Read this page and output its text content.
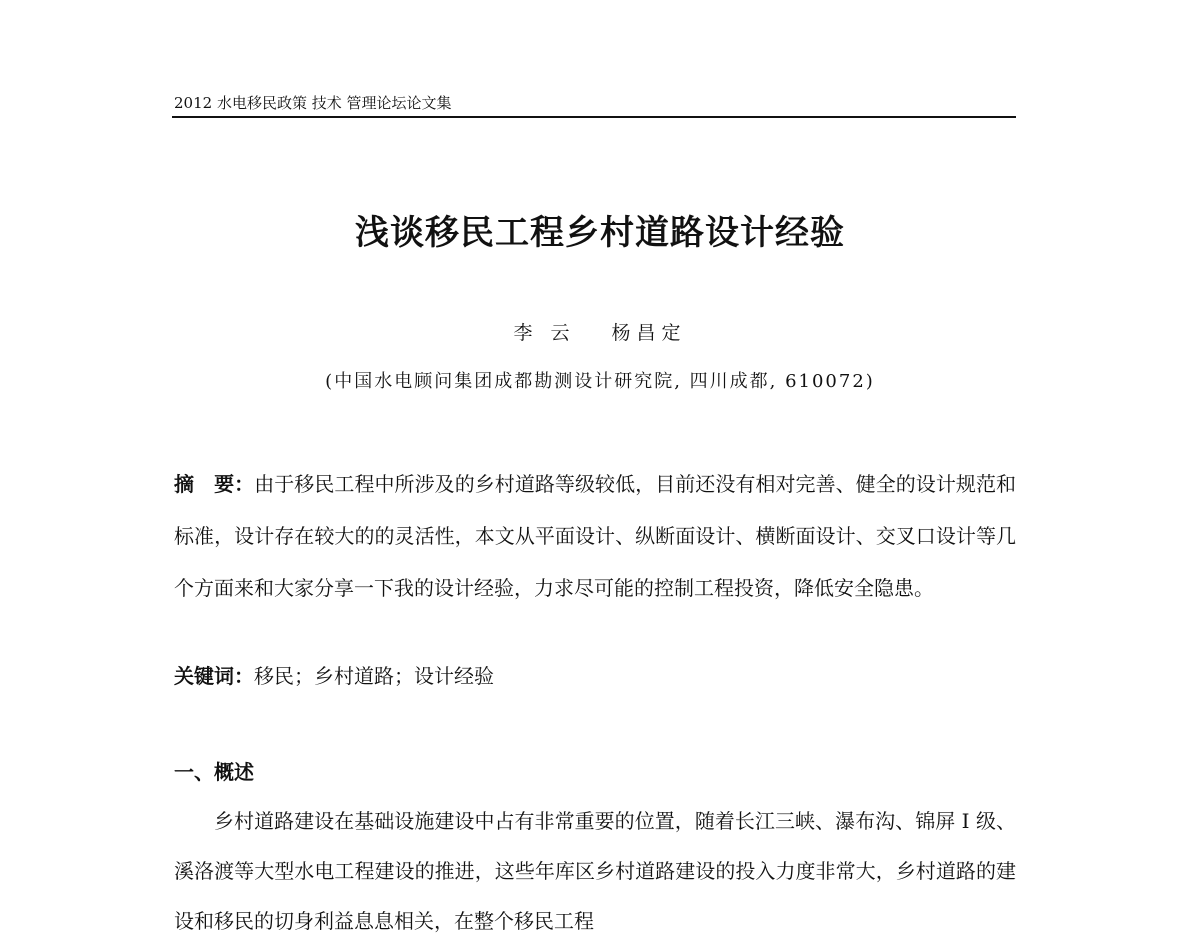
2012 水电移民政策 技术 管理论坛论文集
浅谈移民工程乡村道路设计经验
李 云 杨昌定
(中国水电顾问集团成都勘测设计研究院, 四川成都, 610072)
摘　要：由于移民工程中所涉及的乡村道路等级较低，目前还没有相对完善、健全的设计规范和标准，设计存在较大的的灵活性，本文从平面设计、纵断面设计、横断面设计、交叉口设计等几个方面来和大家分享一下我的设计经验，力求尽可能的控制工程投资，降低安全隐患。
关键词：移民；乡村道路；设计经验
一、概述
乡村道路建设在基础设施建设中占有非常重要的位置，随着长江三峡、瀑布沟、锦屏 I 级、溪洛渡等大型水电工程建设的推进，这些年库区乡村道路建设的投入力度非常大，乡村道路的建设和移民的切身利益息息相关，在整个移民工程
